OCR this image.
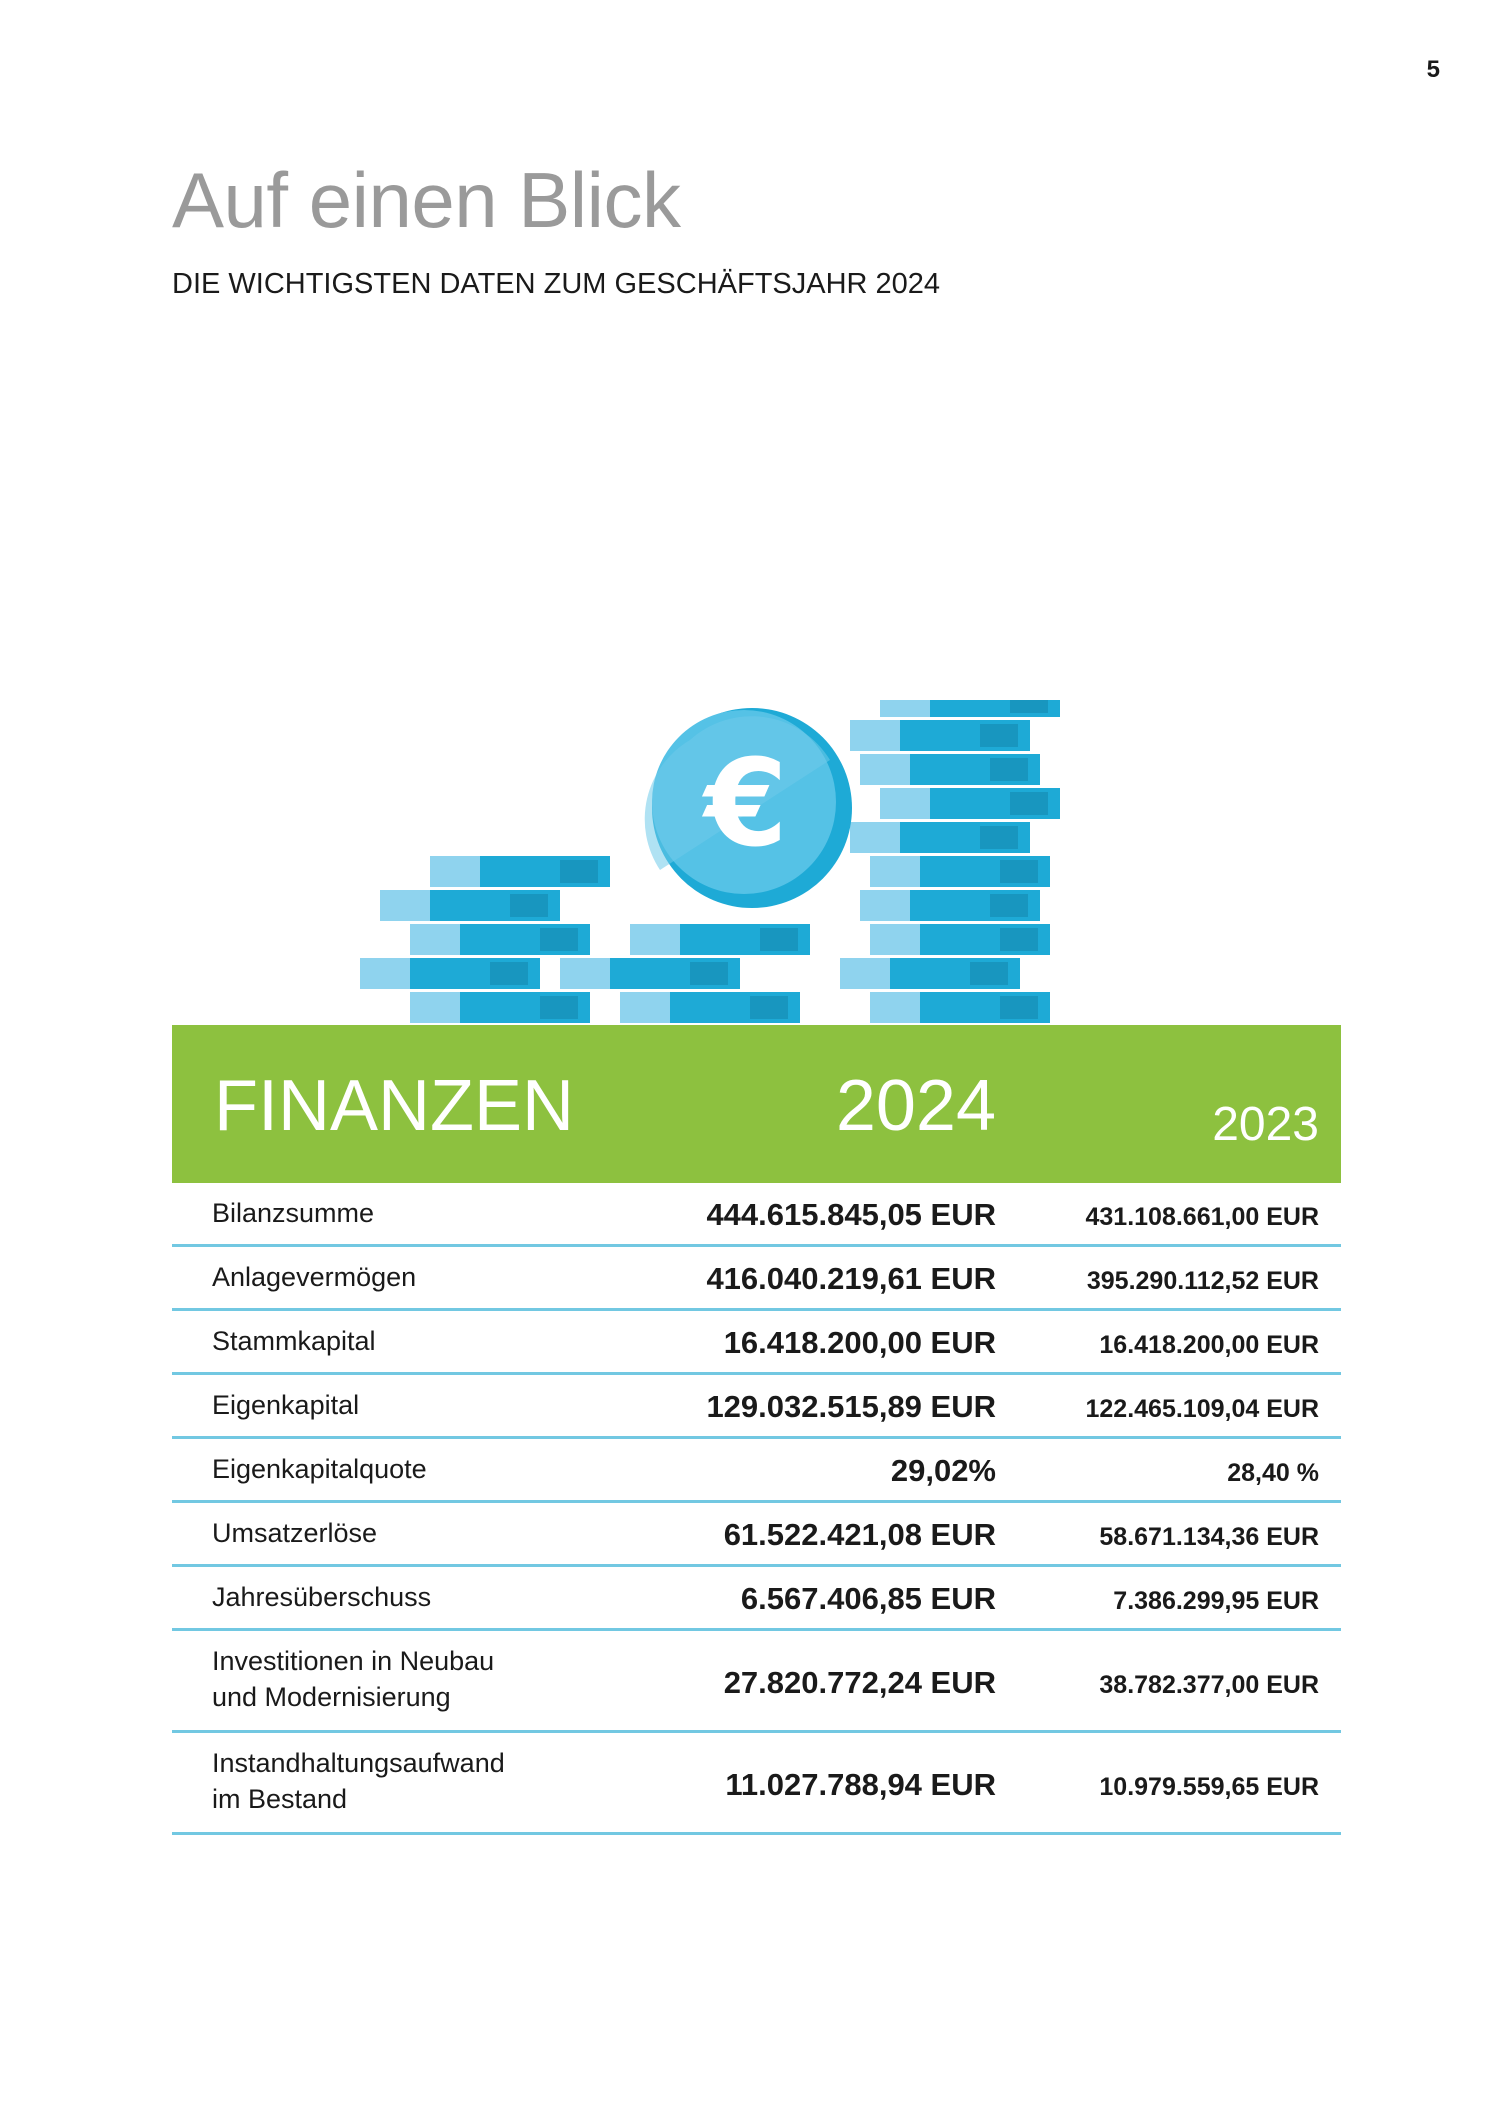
5
Auf einen Blick
DIE WICHTIGSTEN DATEN ZUM GESCHÄFTSJAHR 2024
€
FINANZEN	2024	2023
Bilanzsumme	444.615.845,05 EUR	431.108.661,00 EUR
Anlagevermögen	416.040.219,61 EUR	395.290.112,52 EUR
Stammkapital	16.418.200,00 EUR	16.418.200,00 EUR
Eigenkapital	129.032.515,89 EUR	122.465.109,04 EUR
Eigenkapitalquote	29,02%	28,40 %
Umsatzerlöse	61.522.421,08 EUR	58.671.134,36 EUR
Jahresüberschuss	6.567.406,85 EUR	7.386.299,95 EUR
Investitionen in Neubau
und Modernisierung	27.820.772,24 EUR	38.782.377,00 EUR
Instandhaltungsaufwand
im Bestand	11.027.788,94 EUR	10.979.559,65 EUR
